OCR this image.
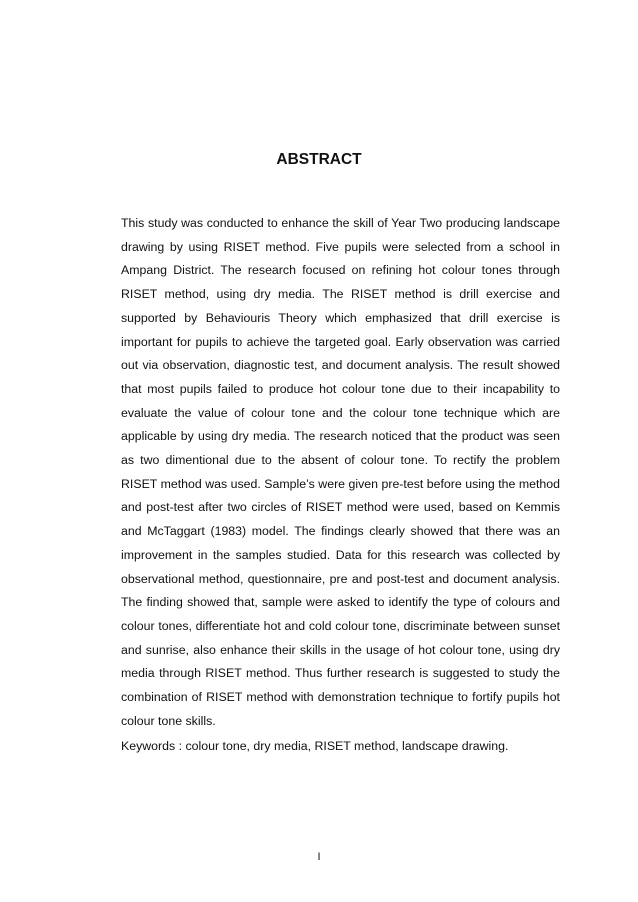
ABSTRACT

This study was conducted to enhance the skill of Year Two producing landscape drawing by using RISET method. Five pupils were selected from a school in Ampang District. The research focused on refining hot colour tones through RISET method, using dry media. The RISET method is drill exercise and supported by Behaviouris Theory which emphasized that drill exercise is important for pupils to achieve the targeted goal. Early observation was carried out via observation, diagnostic test, and document analysis. The result showed that most pupils failed to produce hot colour tone due to their incapability to evaluate the value of colour tone and the colour tone technique which are applicable by using dry media. The research noticed that the product was seen as two dimentional due to the absent of colour tone. To rectify the problem RISET method was used. Sample’s were given pre-test before using the method and post-test after two circles of RISET method were used, based on Kemmis and McTaggart (1983) model. The findings clearly showed that there was an improvement in the samples studied. Data for this research was collected by observational method, questionnaire, pre and post-test and document analysis. The finding showed that, sample were asked to identify the type of colours and colour tones, differentiate hot and cold colour tone, discriminate between sunset and sunrise, also enhance their skills in the usage of hot colour tone, using dry media through RISET method. Thus further research is suggested to study the combination of RISET method with demonstration technique to fortify pupils hot colour tone skills.

Keywords : colour tone, dry media, RISET method, landscape drawing.

I
